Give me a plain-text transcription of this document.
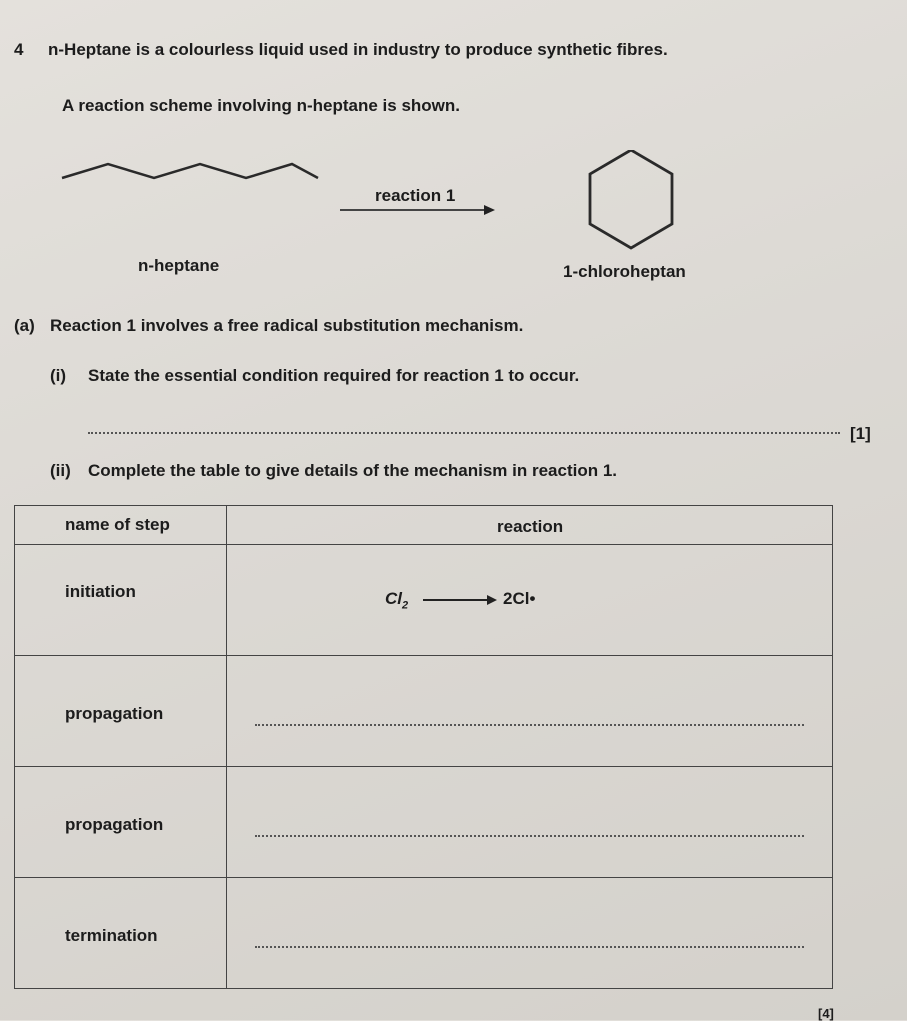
4 n-Heptane is a colourless liquid used in industry to produce synthetic fibres.
A reaction scheme involving n-heptane is shown.
reaction 1
n-heptane	1-chloroheptan
(a) Reaction 1 involves a free radical substitution mechanism.
(i) State the essential condition required for reaction 1 to occur.
[1]
(ii) Complete the table to give details of the mechanism in reaction 1.
name of step	reaction

initiation	$Cl_2$ 2Cl•

propagation	

propagation	

termination	

[4]
